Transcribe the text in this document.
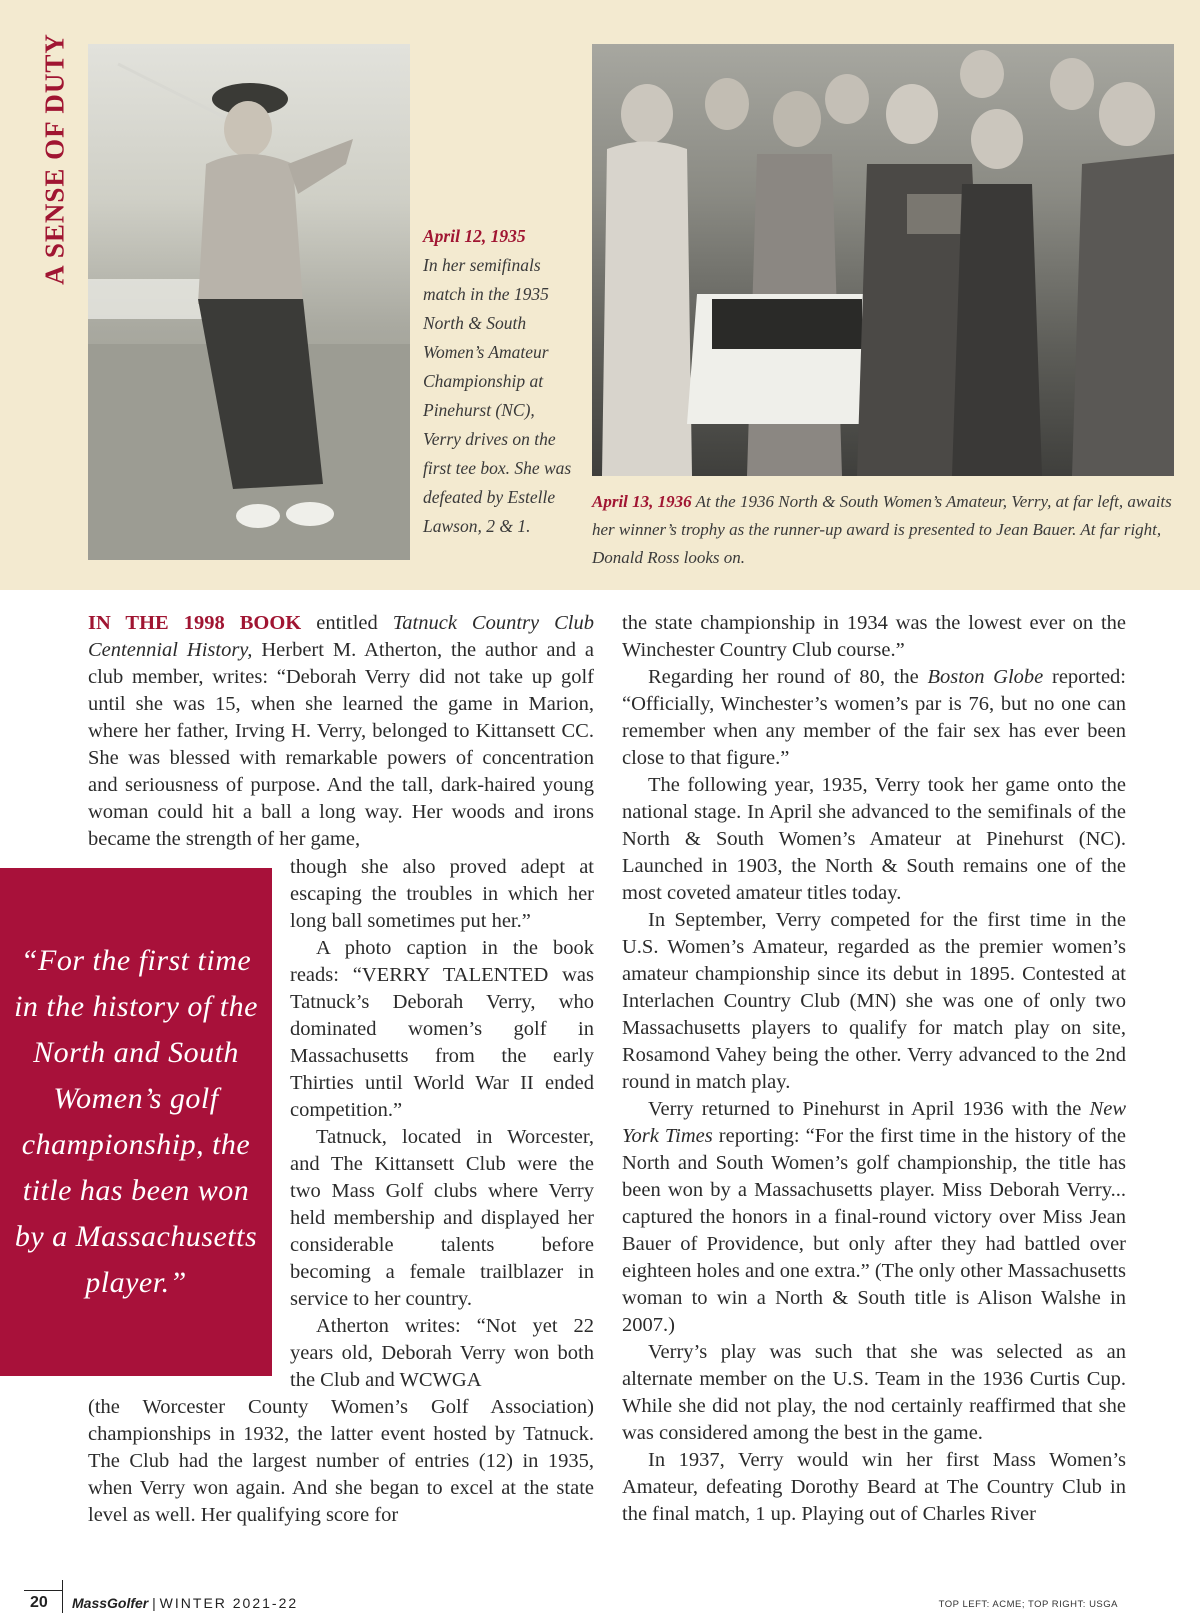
A SENSE OF DUTY	April 12, 1935
In her semifinals match in the 1935 North & South Women’s Amateur Championship at Pinehurst (NC), Verry drives on the first tee box. She was defeated by Estelle Lawson, 2 & 1.
April 13, 1936 At the 1936 North & South Women’s Amateur, Verry, at far left, awaits her winner’s trophy as the runner-up award is presented to Jean Bauer. At far right, Donald Ross looks on.

IN THE 1998 BOOK entitled Tatnuck Country Club Centennial History, Herbert M. Atherton, the author and a club member, writes: “Deborah Verry did not take up golf until she was 15, when she learned the game in Marion, where her father, Irving H. Verry, belonged to Kittansett CC. She was blessed with remarkable powers of concentration and seriousness of purpose. And the tall, dark-haired young woman could hit a ball a long way. Her woods and irons became the strength of her game,

though she also proved adept at escaping the troubles in which her long ball sometimes put her.”

A photo caption in the book reads: “VERRY TALENTED was Tatnuck’s Deborah Verry, who dominated women’s golf in Massachusetts from the early Thirties until World War II ended competition.”

Tatnuck, located in Worcester, and The Kittansett Club were the two Mass Golf clubs where Verry held membership and displayed her considerable talents before becoming a female trailblazer in service to her country.

Atherton writes: “Not yet 22 years old, Deborah Verry won both the Club and WCWGA

(the Worcester County Women’s Golf Association) championships in 1932, the latter event hosted by Tatnuck. The Club had the largest number of entries (12) in 1935, when Verry won again. And she began to excel at the state level as well. Her qualifying score for

“For the first time in the history of the North and South Women’s golf championship, the title has been won by a Massachusetts player.”

the state championship in 1934 was the lowest ever on the Winchester Country Club course.”

Regarding her round of 80, the Boston Globe reported: “Officially, Winchester’s women’s par is 76, but no one can remember when any member of the fair sex has ever been close to that figure.”

The following year, 1935, Verry took her game onto the national stage. In April she advanced to the semifinals of the North & South Women’s Amateur at Pinehurst (NC). Launched in 1903, the North & South remains one of the most coveted amateur titles today.

In September, Verry competed for the first time in the U.S. Women’s Amateur, regarded as the premier women’s amateur championship since its debut in 1895. Contested at Interlachen Country Club (MN) she was one of only two Massachusetts players to qualify for match play on site, Rosamond Vahey being the other. Verry advanced to the 2nd round in match play.

Verry returned to Pinehurst in April 1936 with the New York Times reporting: “For the first time in the history of the North and South Women’s golf championship, the title has been won by a Massachusetts player. Miss Deborah Verry... captured the honors in a final-round victory over Miss Jean Bauer of Providence, but only after they had battled over eighteen holes and one extra.” (The only other Massachusetts woman to win a North & South title is Alison Walshe in 2007.)

Verry’s play was such that she was selected as an alternate member on the U.S. Team in the 1936 Curtis Cup. While she did not play, the nod certainly reaffirmed that she was considered among the best in the game.

In 1937, Verry would win her first Mass Women’s Amateur, defeating Dorothy Beard at The Country Club in the final match, 1 up. Playing out of Charles River

20 MassGolfer | WINTER 2021-22	TOP LEFT: ACME; TOP RIGHT: USGA
